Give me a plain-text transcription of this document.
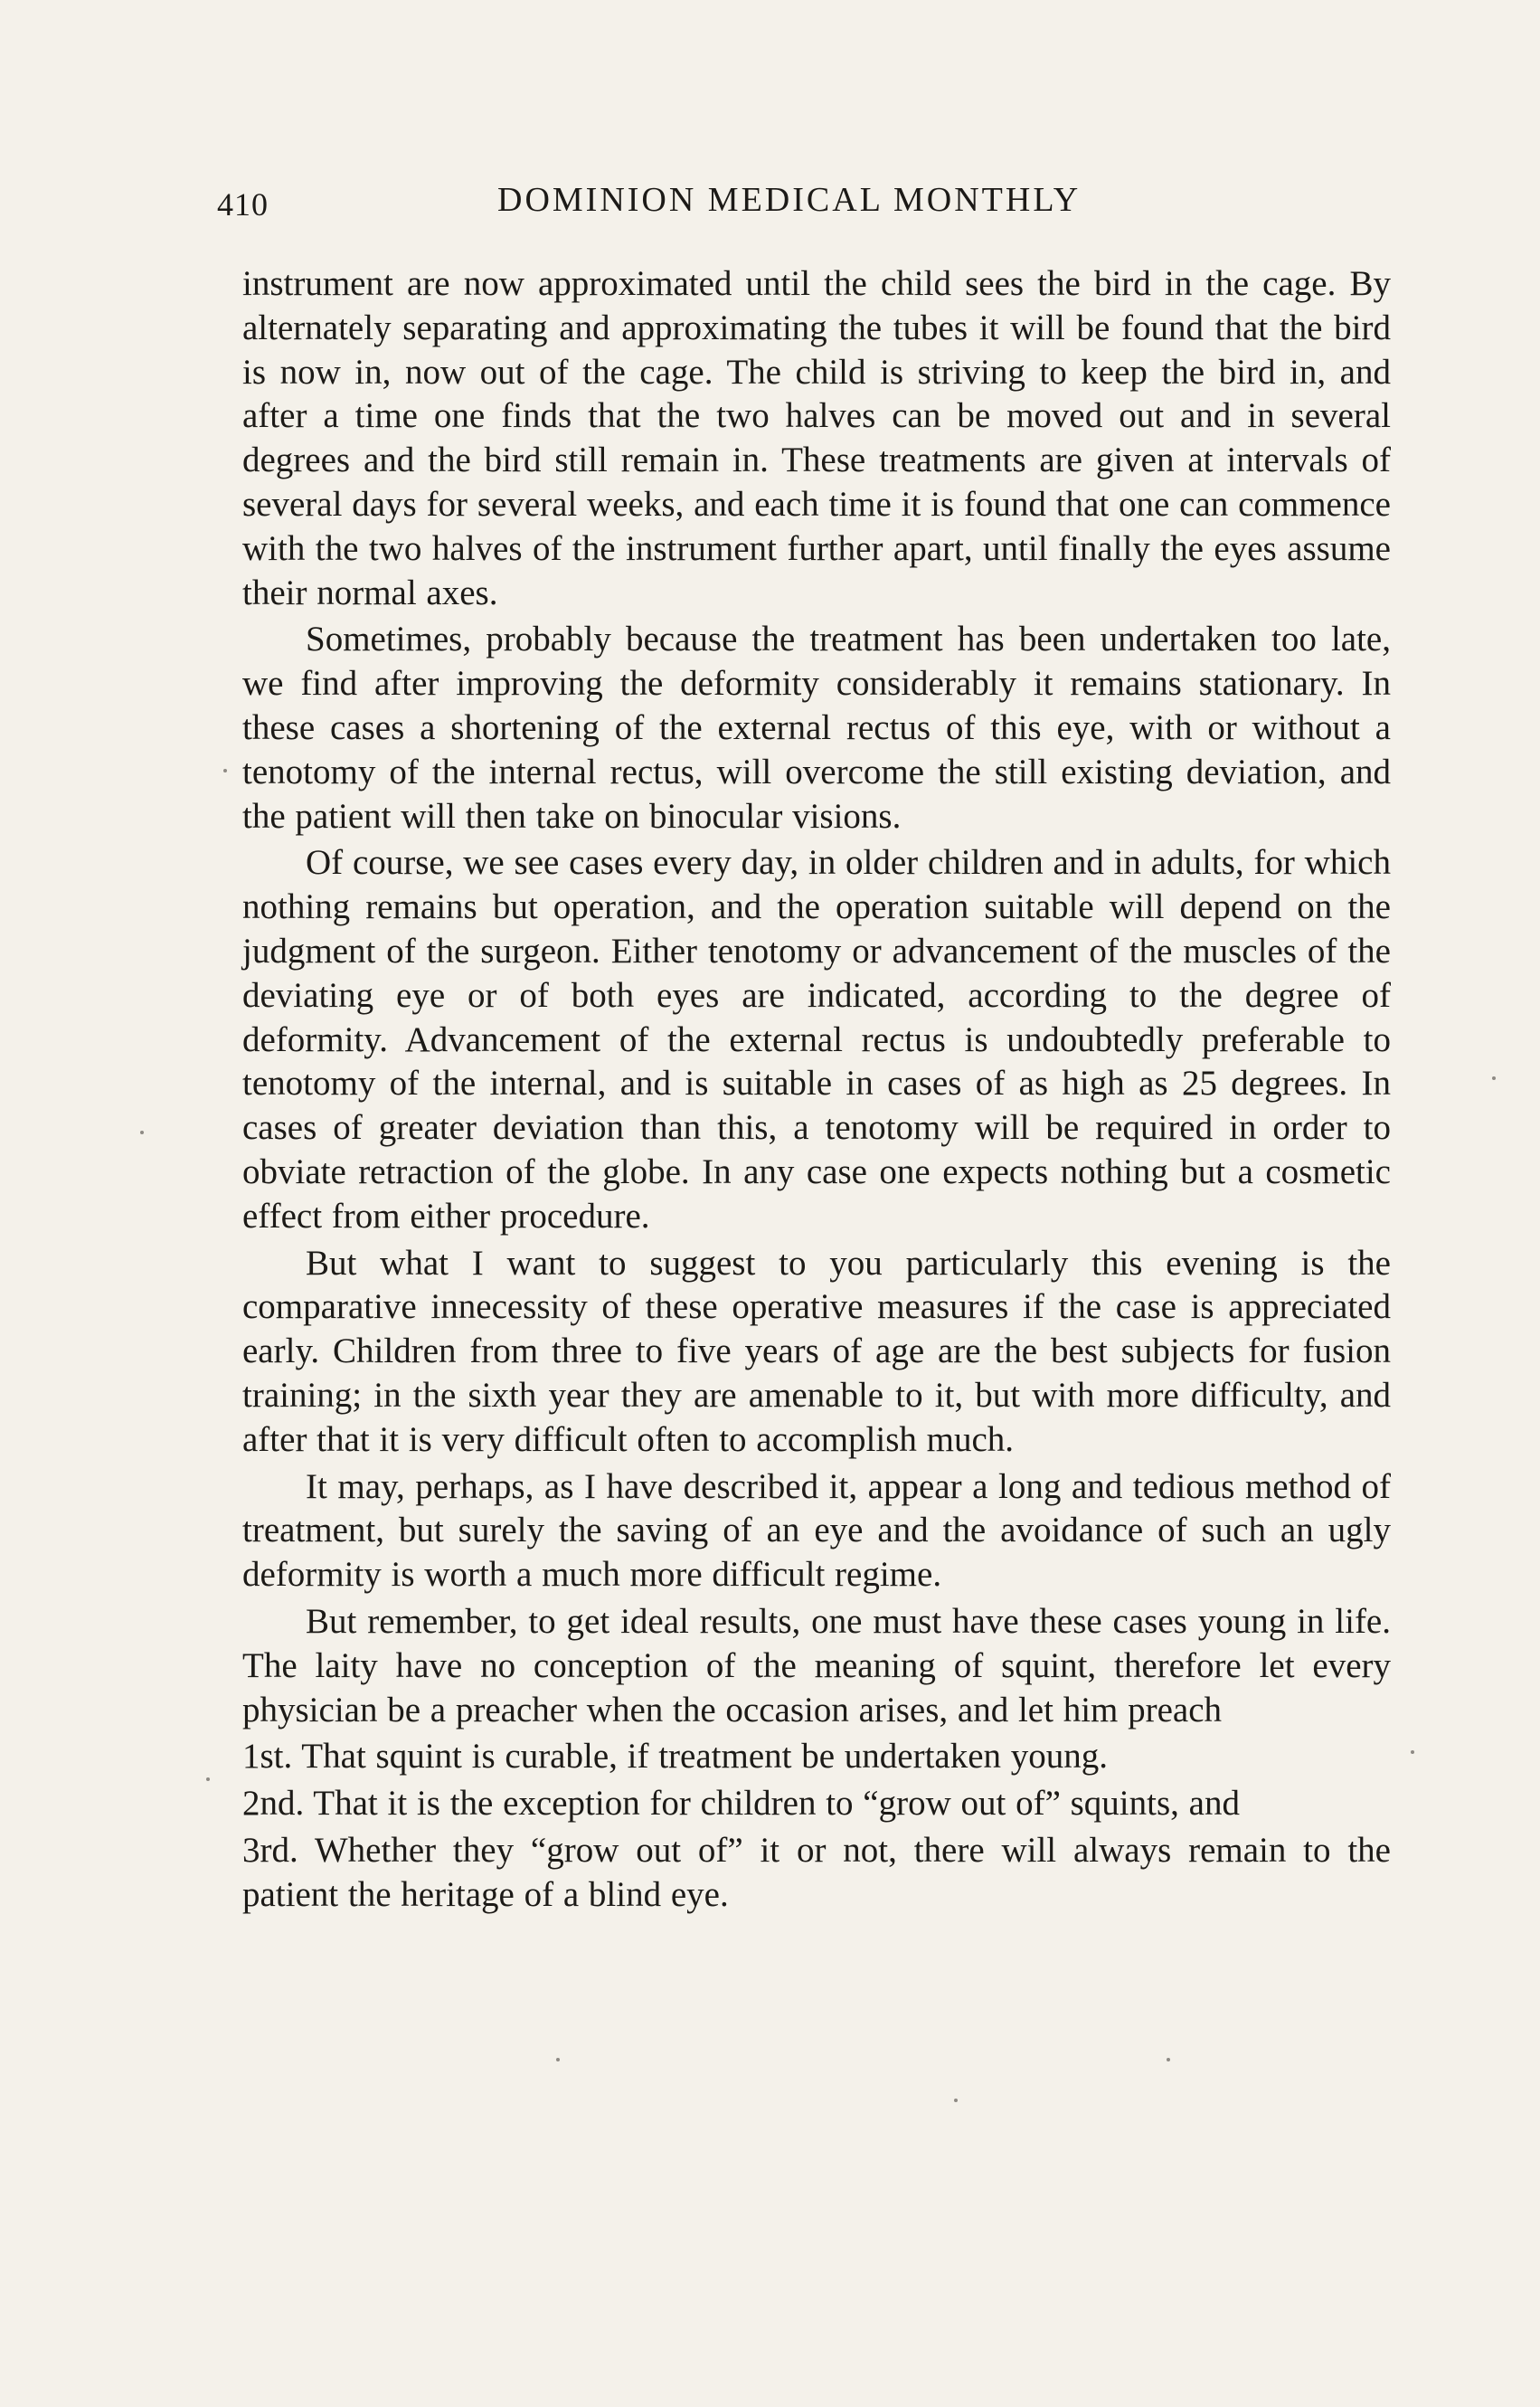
410	DOMINION MEDICAL MONTHLY

instrument are now approximated until the child sees the bird in the cage. By alternately separating and approximating the tubes it will be found that the bird is now in, now out of the cage. The child is striving to keep the bird in, and after a time one finds that the two halves can be moved out and in several degrees and the bird still remain in. These treatments are given at intervals of several days for several weeks, and each time it is found that one can commence with the two halves of the instrument further apart, until finally the eyes assume their normal axes.

Sometimes, probably because the treatment has been undertaken too late, we find after improving the deformity considerably it remains stationary. In these cases a shortening of the external rectus of this eye, with or without a tenotomy of the internal rectus, will overcome the still existing deviation, and the patient will then take on binocular visions.

Of course, we see cases every day, in older children and in adults, for which nothing remains but operation, and the operation suitable will depend on the judgment of the surgeon. Either tenotomy or advancement of the muscles of the deviating eye or of both eyes are indicated, according to the degree of deformity. Advancement of the external rectus is undoubtedly preferable to tenotomy of the internal, and is suitable in cases of as high as 25 degrees. In cases of greater deviation than this, a tenotomy will be required in order to obviate retraction of the globe. In any case one expects nothing but a cosmetic effect from either procedure.

But what I want to suggest to you particularly this evening is the comparative innecessity of these operative measures if the case is appreciated early. Children from three to five years of age are the best subjects for fusion training; in the sixth year they are amenable to it, but with more difficulty, and after that it is very difficult often to accomplish much.

It may, perhaps, as I have described it, appear a long and tedious method of treatment, but surely the saving of an eye and the avoidance of such an ugly deformity is worth a much more difficult regime.

But remember, to get ideal results, one must have these cases young in life. The laity have no conception of the meaning of squint, therefore let every physician be a preacher when the occasion arises, and let him preach

1st. That squint is curable, if treatment be undertaken young.

2nd. That it is the exception for children to “grow out of” squints, and

3rd. Whether they “grow out of” it or not, there will always remain to the patient the heritage of a blind eye.
